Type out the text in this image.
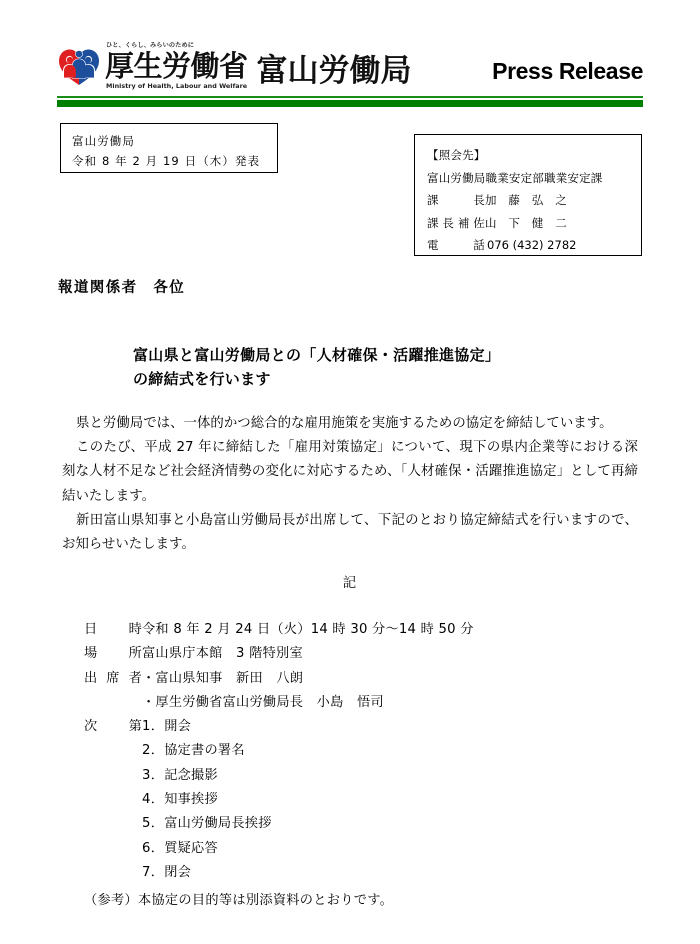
ひと、くらし、みらいのために
厚生労働省
Ministry of Health, Labour and Welfare 富山労働局	Press Release
富山労働局
令和 8 年 2 月 19 日（木）発表	【照会先】
富山労働局職業安定部職業安定課
課　　長 加　藤　弘　之
課長補佐 山　下　健　二
電　　話 076 (432) 2782
報道関係者　各位
富山県と富山労働局との「人材確保・活躍推進協定」
の締結式を行います

県と労働局では、一体的かつ総合的な雇用施策を実施するための協定を締結しています。

このたび、平成 27 年に締結した「雇用対策協定」について、現下の県内企業等における深刻な人材不足など社会経済情勢の変化に対応するため、「人材確保・活躍推進協定」として再締結いたします。

新田富山県知事と小島富山労働局長が出席して、下記のとおり協定締結式を行いますので、お知らせいたします。

記
日　時 令和 8 年 2 月 24 日（火）14 時 30 分〜14 時 50 分
場　所 富山県庁本館　3 階特別室
出席者 ・富山県知事　新田　八朗
・厚生労働省富山労働局長　小島　悟司
次　第 1．開会
2．協定書の署名
3．記念撮影
4．知事挨拶
5．富山労働局長挨拶
6．質疑応答
7．閉会
（参考）本協定の目的等は別添資料のとおりです。
